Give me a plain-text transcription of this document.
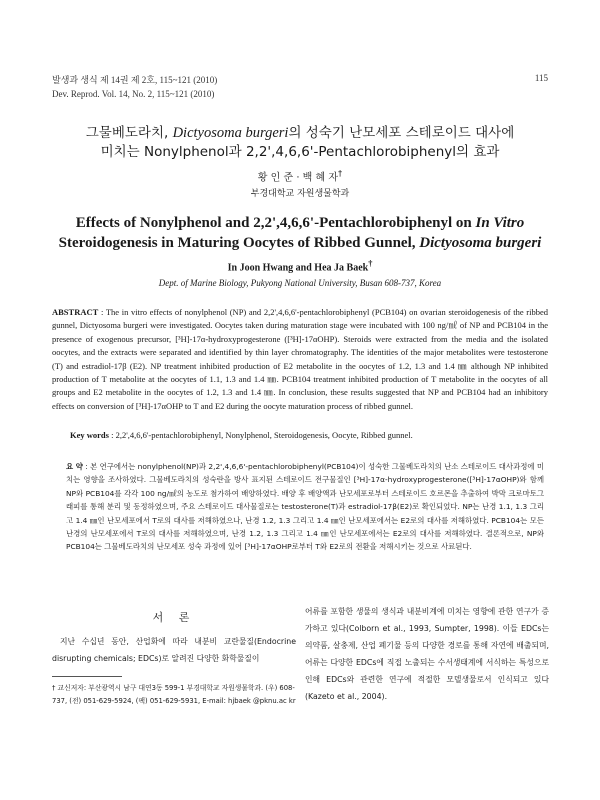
발생과 생식 제 14권 제 2호, 115~121 (2010)
Dev. Reprod. Vol. 14, No. 2, 115~121 (2010)
115
그물베도라치, Dictyosoma burgeri의 성숙기 난모세포 스테로이드 대사에
미치는 Nonylphenol과 2,2',4,6,6'-Pentachlorobiphenyl의 효과
황 인 준 · 백 혜 자†
부경대학교 자원생물학과
Effects of Nonylphenol and 2,2',4,6,6'-Pentachlorobiphenyl on In Vitro
Steroidogenesis in Maturing Oocytes of Ribbed Gunnel, Dictyosoma burgeri
In Joon Hwang and Hea Ja Baek†
Dept. of Marine Biology, Pukyong National University, Busan 608-737, Korea

ABSTRACT : The in vitro effects of nonylphenol (NP) and 2,2',4,6,6'-pentachlorobiphenyl (PCB104) on ovarian steroidogenesis of the ribbed gunnel, Dictyosoma burgeri were investigated. Oocytes taken during maturation stage were incubated with 100 ng/㎖ of NP and PCB104 in the presence of exogenous precursor, [³H]-17α-hydroxyprogesterone ([³H]-17αOHP). Steroids were extracted from the media and the isolated oocytes, and the extracts were separated and identified by thin layer chromatography. The identities of the major metabolites were testosterone (T) and estradiol-17β (E2). NP treatment inhibited production of E2 metabolite in the oocytes of 1.2, 1.3 and 1.4 ㎜ although NP inhibited production of T metabolite at the oocytes of 1.1, 1.3 and 1.4 ㎜. PCB104 treatment inhibited production of T metabolite in the oocytes of all groups and E2 metabolite in the oocytes of 1.2, 1.3 and 1.4 ㎜. In conclusion, these results suggested that NP and PCB104 had an inhibitory effects on conversion of [³H]-17αOHP to T and E2 during the oocyte maturation process of ribbed gunnel.

Key words : 2,2',4,6,6'-pentachlorobiphenyl, Nonylphenol, Steroidogenesis, Oocyte, Ribbed gunnel.

요 약 : 본 연구에서는 nonylphenol(NP)과 2,2',4,6,6'-pentachlorobiphenyl(PCB104)이 성숙한 그물베도라치의 난소 스테로이드 대사과정에 미치는 영향을 조사하였다. 그물베도라치의 성숙란을 방사 표지된 스테로이드 전구물질인 [³H]-17α-hydroxyprogesterone([³H]-17αOHP)와 함께 NP와 PCB104를 각각 100 ng/㎖의 농도로 첨가하여 배양하였다. 배양 후 배양액과 난모세포로부터 스테로이드 호르몬을 추출하여 박막 크로마토그래피를 통해 분리 및 동정하였으며, 주요 스테로이드 대사물질로는 testosterone(T)과 estradiol-17β(E2)로 확인되었다. NP는 난경 1.1, 1.3 그리고 1.4 ㎜인 난모세포에서 T로의 대사를 저해하였으나, 난경 1.2, 1.3 그리고 1.4 ㎜인 난모세포에서는 E2로의 대사를 저해하였다. PCB104는 모든 난경의 난모세포에서 T로의 대사를 저해하였으며, 난경 1.2, 1.3 그리고 1.4 ㎜인 난모세포에서는 E2로의 대사를 저해하였다. 결론적으로, NP와 PCB104는 그물베도라치의 난모세포 성숙 과정에 있어 [³H]-17αOHP로부터 T와 E2로의 전환을 저해시키는 것으로 사료된다.

서 론

지난 수십년 동안, 산업화에 따라 내분비 교란물질(Endocrine disrupting chemicals; EDCs)로 알려진 다양한 화학물질이

† 교신저자: 부산광역시 남구 대연3동 599-1 부경대학교 자원생물학과. (우) 608-737, (전) 051-629-5924, (팩) 051-629-5931, E-mail: hjbaek @pknu.ac kr

어류를 포함한 생물의 생식과 내분비계에 미치는 영향에 관한 연구가 증가하고 있다(Colborn et al., 1993, Sumpter, 1998). 이들 EDCs는 의약품, 살충제, 산업 폐기물 등의 다양한 경로를 통해 자연에 배출되며, 어류는 다양한 EDCs에 직접 노출되는 수서생태계에 서식하는 특성으로 인해 EDCs와 관련한 연구에 적절한 모델생물로서 인식되고 있다(Kazeto et al., 2004).
